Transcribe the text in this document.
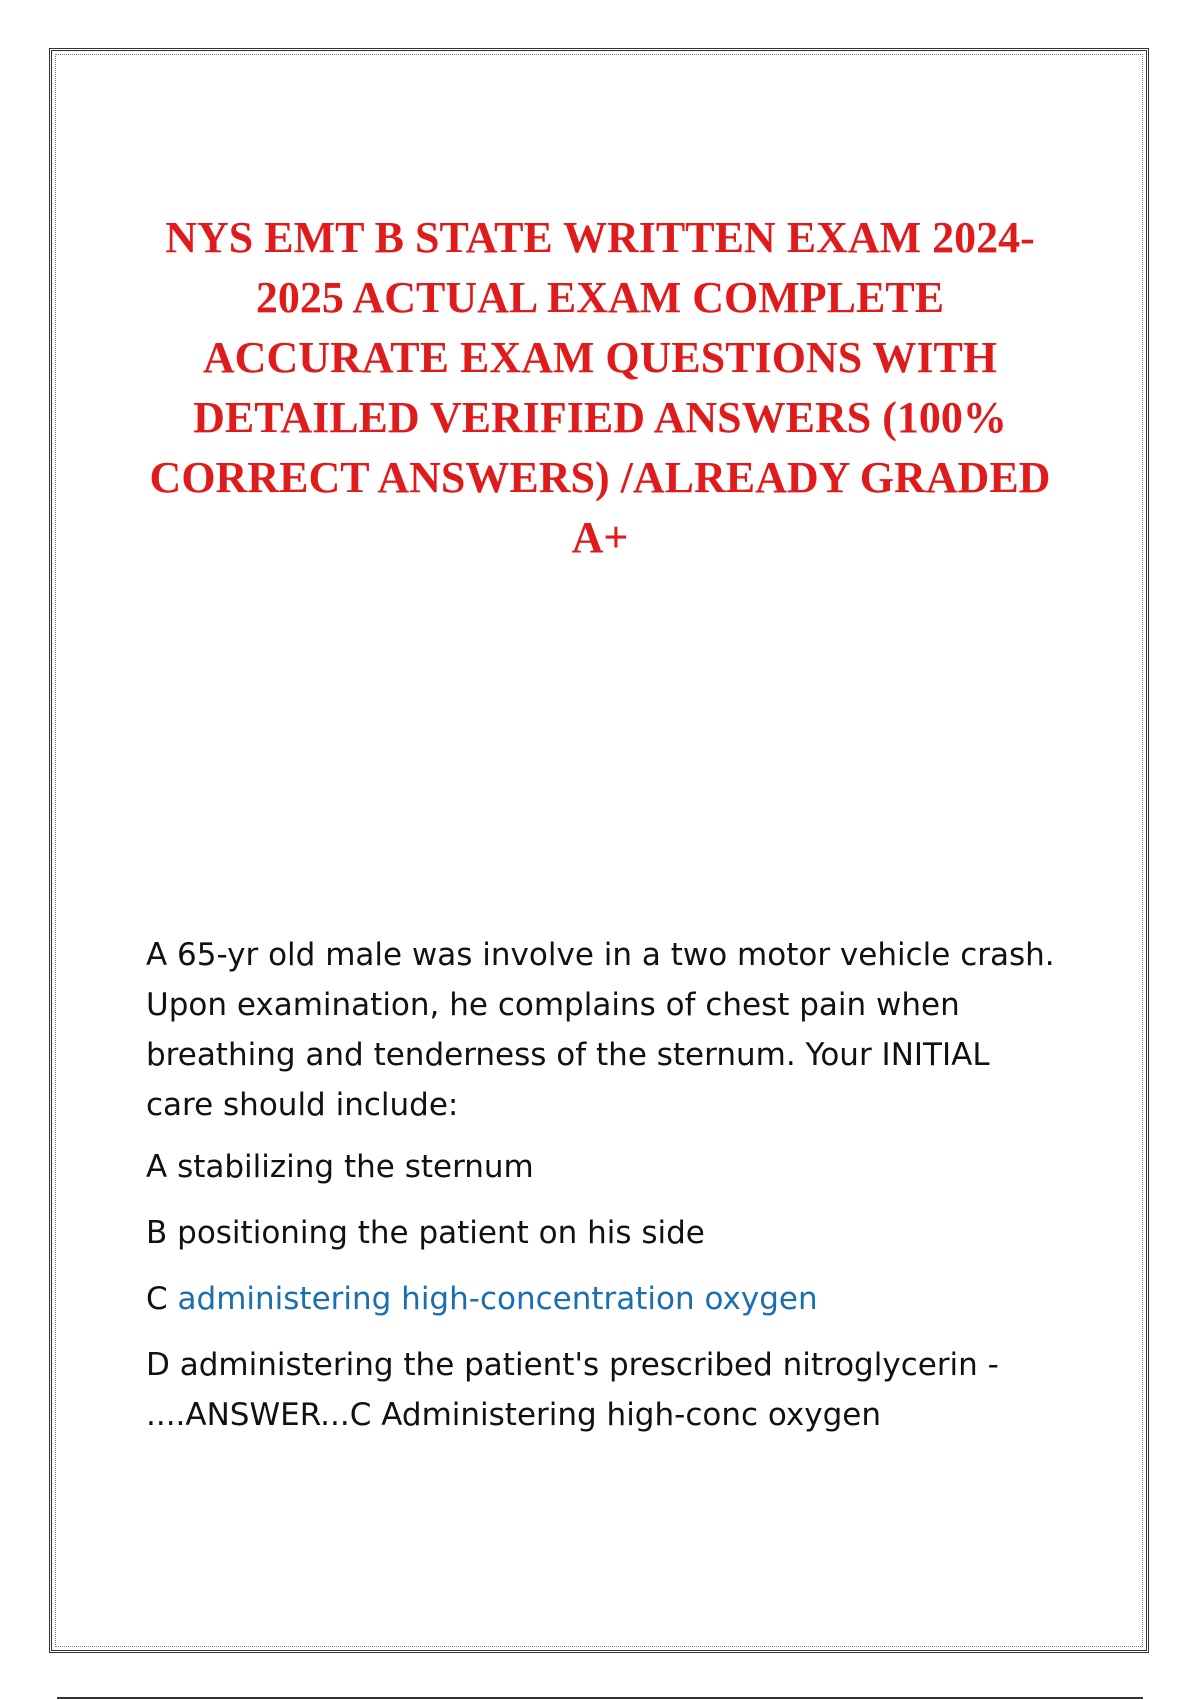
NYS EMT B STATE WRITTEN EXAM 2024-2025 ACTUAL EXAM COMPLETE ACCURATE EXAM QUESTIONS WITH DETAILED VERIFIED ANSWERS (100% CORRECT ANSWERS) /ALREADY GRADED A+

A 65-yr old male was involve in a two motor vehicle crash. Upon examination, he complains of chest pain when breathing and tenderness of the sternum. Your INITIAL care should include:

A stabilizing the sternum

B positioning the patient on his side

C administering high-concentration oxygen

D administering the patient's prescribed nitroglycerin - ....ANSWER...C Administering high-conc oxygen
